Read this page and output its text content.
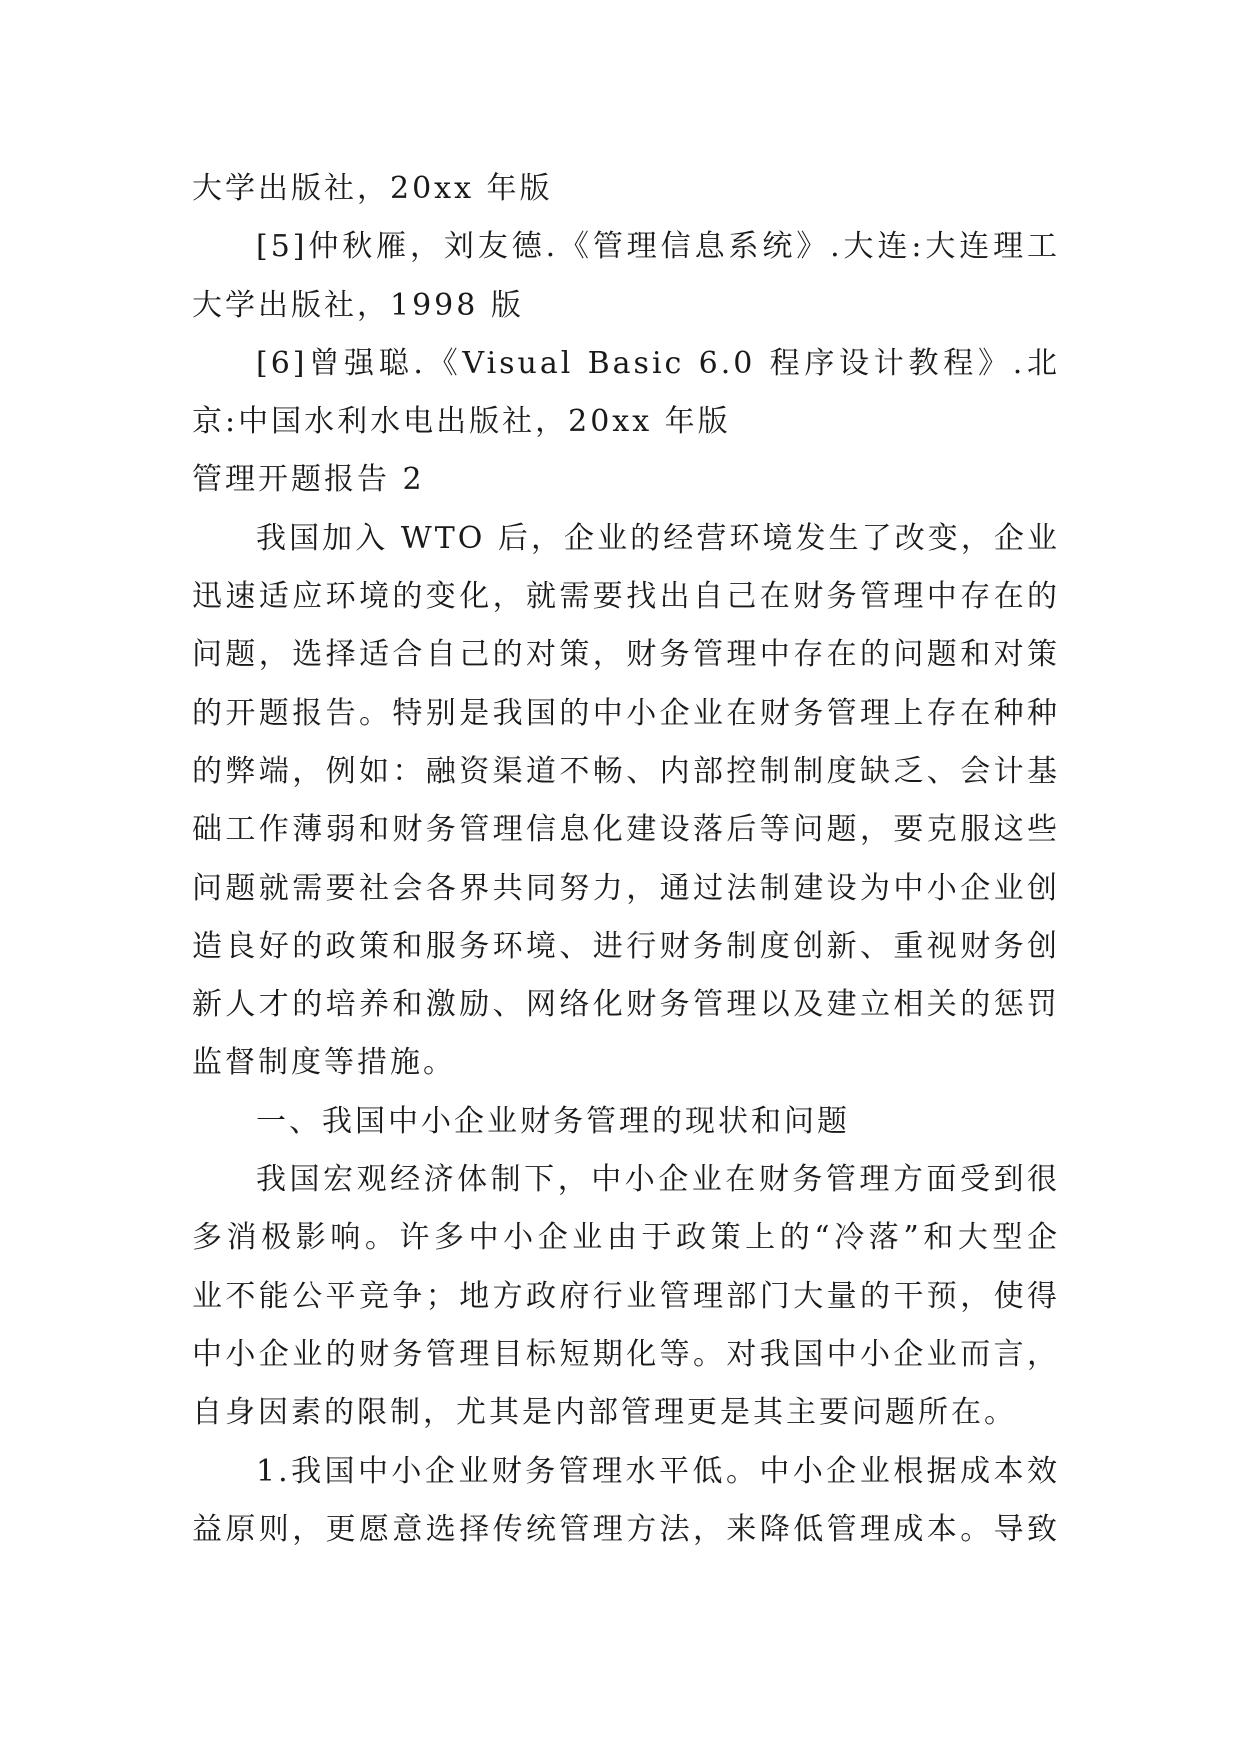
大学出版社，20xx 年版
[5]仲秋雁，刘友德.《管理信息系统》.大连:大连理工
大学出版社，1998 版
[6]曾强聪.《Visual Basic 6.0 程序设计教程》.北
京:中国水利水电出版社，20xx 年版
管理开题报告 2
我国加入 WTO 后，企业的经营环境发生了改变，企业
迅速适应环境的变化，就需要找出自己在财务管理中存在的
问题，选择适合自己的对策，财务管理中存在的问题和对策
的开题报告。特别是我国的中小企业在财务管理上存在种种
的弊端，例如：融资渠道不畅、内部控制制度缺乏、会计基
础工作薄弱和财务管理信息化建设落后等问题，要克服这些
问题就需要社会各界共同努力，通过法制建设为中小企业创
造良好的政策和服务环境、进行财务制度创新、重视财务创
新人才的培养和激励、网络化财务管理以及建立相关的惩罚
监督制度等措施。
一、我国中小企业财务管理的现状和问题
我国宏观经济体制下，中小企业在财务管理方面受到很
多消极影响。许多中小企业由于政策上的“冷落”和大型企
业不能公平竞争；地方政府行业管理部门大量的干预，使得
中小企业的财务管理目标短期化等。对我国中小企业而言，
自身因素的限制，尤其是内部管理更是其主要问题所在。
1.我国中小企业财务管理水平低。中小企业根据成本效
益原则，更愿意选择传统管理方法，来降低管理成本。导致
